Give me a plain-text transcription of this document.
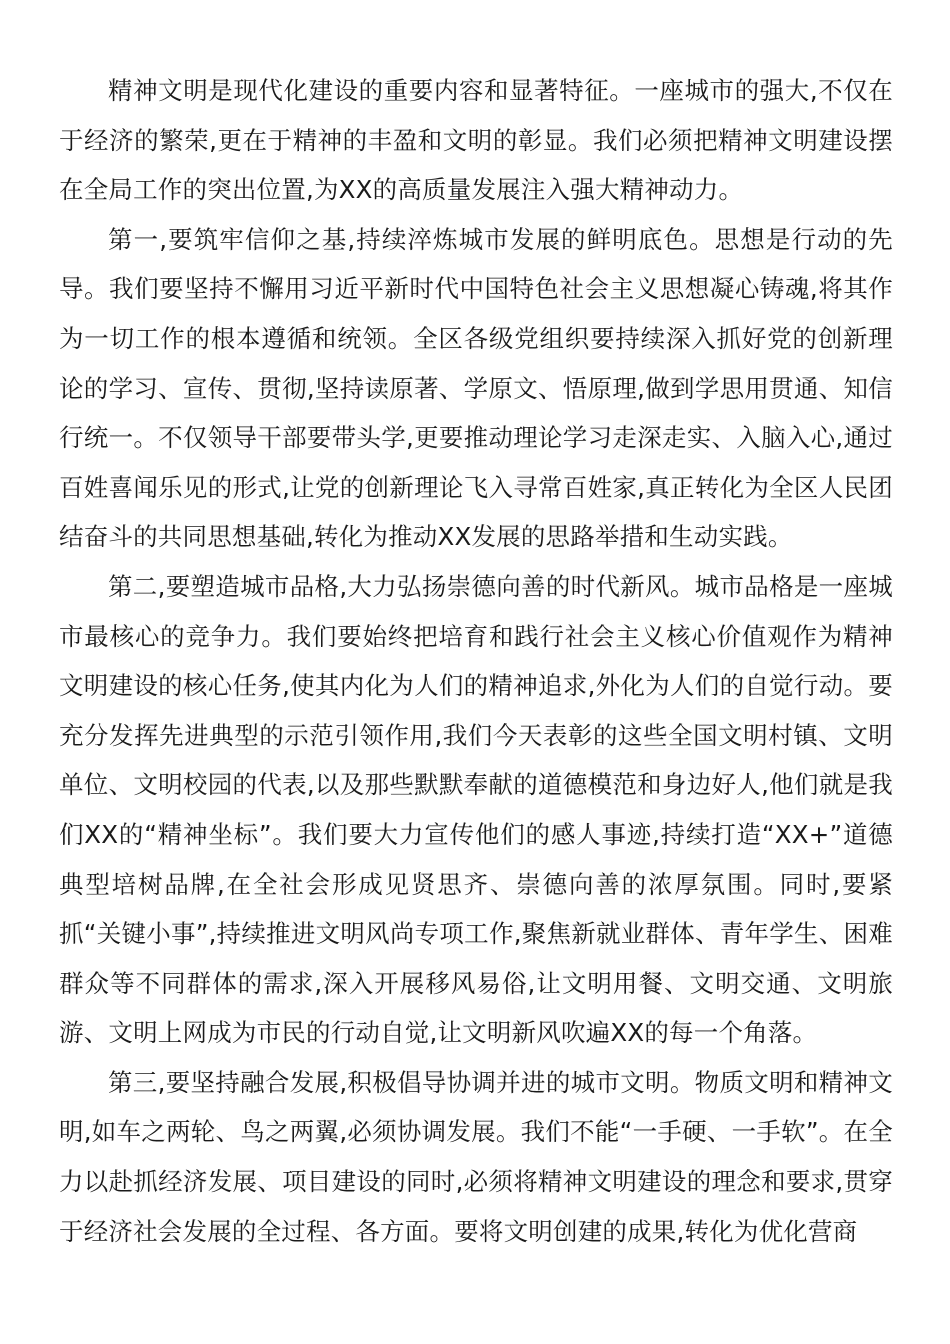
精神文明是现代化建设的重要内容和显著特征。一座城市的强大,不仅在于经济的繁荣,更在于精神的丰盈和文明的彰显。我们必须把精神文明建设摆在全局工作的突出位置,为XX的高质量发展注入强大精神动力。

第一,要筑牢信仰之基,持续淬炼城市发展的鲜明底色。思想是行动的先导。我们要坚持不懈用习近平新时代中国特色社会主义思想凝心铸魂,将其作为一切工作的根本遵循和统领。全区各级党组织要持续深入抓好党的创新理论的学习、宣传、贯彻,坚持读原著、学原文、悟原理,做到学思用贯通、知信行统一。不仅领导干部要带头学,更要推动理论学习走深走实、入脑入心,通过百姓喜闻乐见的形式,让党的创新理论飞入寻常百姓家,真正转化为全区人民团结奋斗的共同思想基础,转化为推动XX发展的思路举措和生动实践。

第二,要塑造城市品格,大力弘扬崇德向善的时代新风。城市品格是一座城市最核心的竞争力。我们要始终把培育和践行社会主义核心价值观作为精神文明建设的核心任务,使其内化为人们的精神追求,外化为人们的自觉行动。要充分发挥先进典型的示范引领作用,我们今天表彰的这些全国文明村镇、文明单位、文明校园的代表,以及那些默默奉献的道德模范和身边好人,他们就是我们XX的“精神坐标”。我们要大力宣传他们的感人事迹,持续打造“XX+”道德典型培树品牌,在全社会形成见贤思齐、崇德向善的浓厚氛围。同时,要紧抓“关键小事”,持续推进文明风尚专项工作,聚焦新就业群体、青年学生、困难群众等不同群体的需求,深入开展移风易俗,让文明用餐、文明交通、文明旅游、文明上网成为市民的行动自觉,让文明新风吹遍XX的每一个角落。

第三,要坚持融合发展,积极倡导协调并进的城市文明。物质文明和精神文明,如车之两轮、鸟之两翼,必须协调发展。我们不能“一手硬、一手软”。在全力以赴抓经济发展、项目建设的同时,必须将精神文明建设的理念和要求,贯穿于经济社会发展的全过程、各方面。要将文明创建的成果,转化为优化营商
